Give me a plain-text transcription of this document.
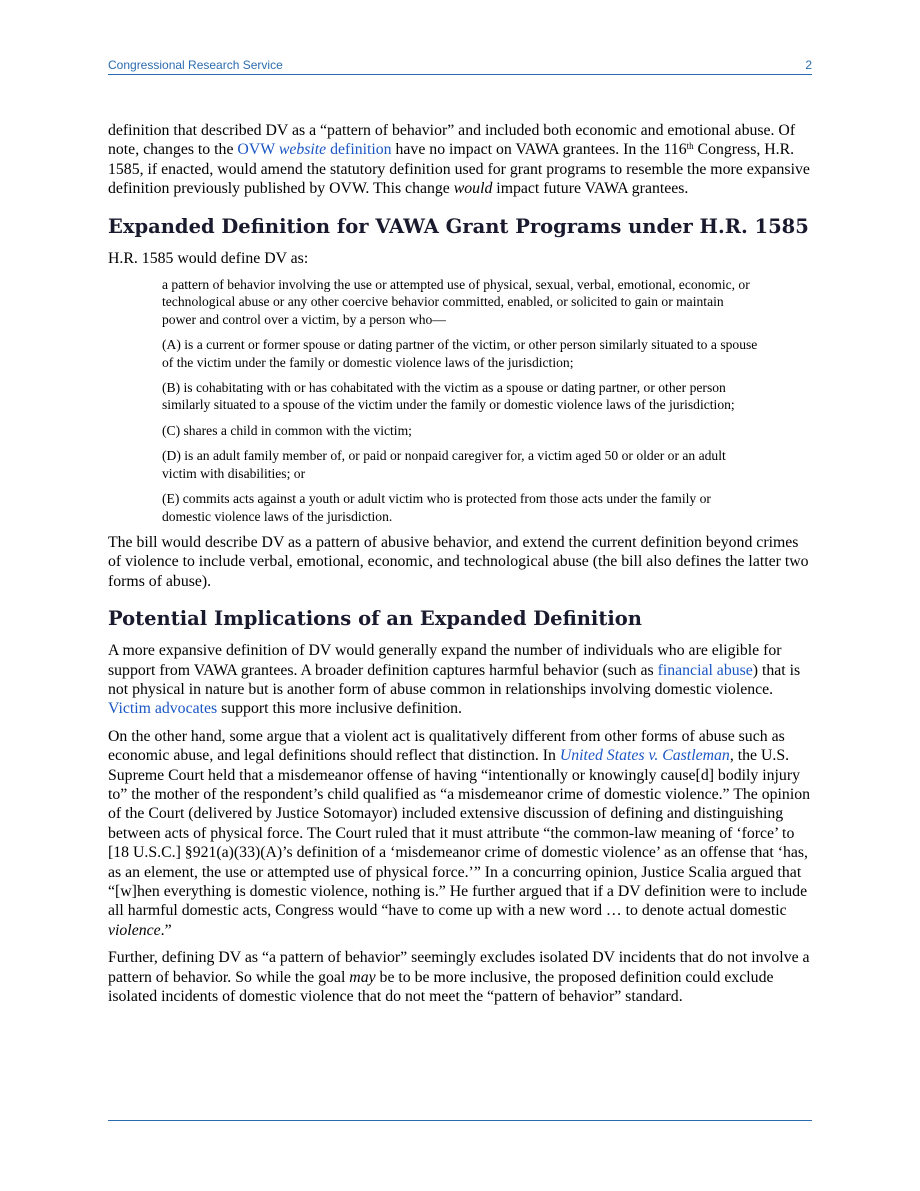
Congressional Research Service	2

definition that described DV as a “pattern of behavior” and included both economic and emotional abuse. Of note, changes to the OVW website definition have no impact on VAWA grantees. In the 116th Congress, H.R. 1585, if enacted, would amend the statutory definition used for grant programs to resemble the more expansive definition previously published by OVW. This change would impact future VAWA grantees.

Expanded Definition for VAWA Grant Programs under H.R. 1585

H.R. 1585 would define DV as:

a pattern of behavior involving the use or attempted use of physical, sexual, verbal, emotional, economic, or technological abuse or any other coercive behavior committed, enabled, or solicited to gain or maintain power and control over a victim, by a person who—

(A) is a current or former spouse or dating partner of the victim, or other person similarly situated to a spouse of the victim under the family or domestic violence laws of the jurisdiction;

(B) is cohabitating with or has cohabitated with the victim as a spouse or dating partner, or other person similarly situated to a spouse of the victim under the family or domestic violence laws of the jurisdiction;

(C) shares a child in common with the victim;

(D) is an adult family member of, or paid or nonpaid caregiver for, a victim aged 50 or older or an adult victim with disabilities; or

(E) commits acts against a youth or adult victim who is protected from those acts under the family or domestic violence laws of the jurisdiction.

The bill would describe DV as a pattern of abusive behavior, and extend the current definition beyond crimes of violence to include verbal, emotional, economic, and technological abuse (the bill also defines the latter two forms of abuse).

Potential Implications of an Expanded Definition

A more expansive definition of DV would generally expand the number of individuals who are eligible for support from VAWA grantees. A broader definition captures harmful behavior (such as financial abuse) that is not physical in nature but is another form of abuse common in relationships involving domestic violence. Victim advocates support this more inclusive definition.

On the other hand, some argue that a violent act is qualitatively different from other forms of abuse such as economic abuse, and legal definitions should reflect that distinction. In United States v. Castleman, the U.S. Supreme Court held that a misdemeanor offense of having “intentionally or knowingly cause[d] bodily injury to” the mother of the respondent’s child qualified as “a misdemeanor crime of domestic violence.” The opinion of the Court (delivered by Justice Sotomayor) included extensive discussion of defining and distinguishing between acts of physical force. The Court ruled that it must attribute “the common-law meaning of ‘force’ to [18 U.S.C.] §921(a)(33)(A)’s definition of a ‘misdemeanor crime of domestic violence’ as an offense that ‘has, as an element, the use or attempted use of physical force.’” In a concurring opinion, Justice Scalia argued that “[w]hen everything is domestic violence, nothing is.” He further argued that if a DV definition were to include all harmful domestic acts, Congress would “have to come up with a new word … to denote actual domestic violence.”

Further, defining DV as “a pattern of behavior” seemingly excludes isolated DV incidents that do not involve a pattern of behavior. So while the goal may be to be more inclusive, the proposed definition could exclude isolated incidents of domestic violence that do not meet the “pattern of behavior” standard.
